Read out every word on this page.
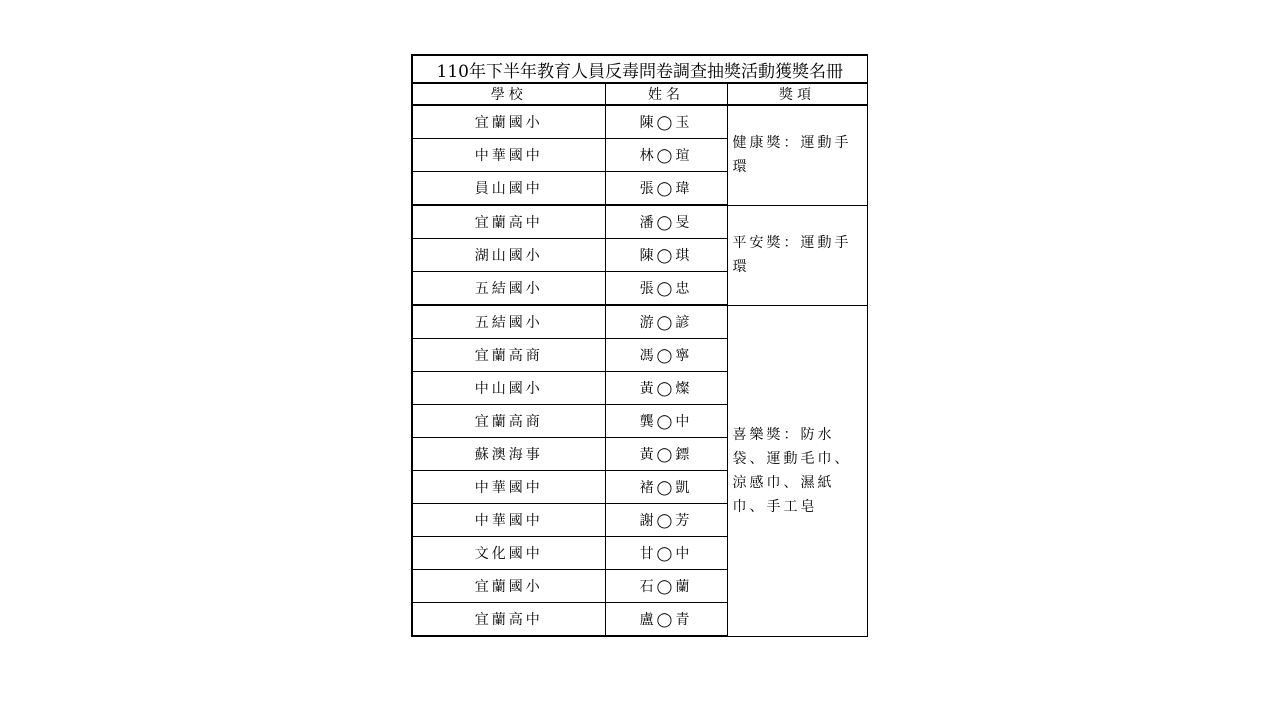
110年下半年教育人員反毒問卷調查抽獎活動獲獎名冊		
學校	姓名	獎項
宜蘭國小	陳◯玉	健康獎：運動手環
中華國中	林◯瑄	
員山國中	張◯瑋	
宜蘭高中	潘◯旻	平安獎：運動手環
湖山國小	陳◯琪	
五結國小	張◯忠	
五結國小	游◯諺	喜樂獎：防水袋、運動毛巾、涼感巾、濕紙巾、手工皂
宜蘭高商	馮◯寧	
中山國小	黃◯燦	
宜蘭高商	龔◯中	
蘇澳海事	黃◯鏢	
中華國中	褚◯凱	
中華國中	謝◯芳	
文化國中	甘◯中	
宜蘭國小	石◯蘭	
宜蘭高中	盧◯青	
